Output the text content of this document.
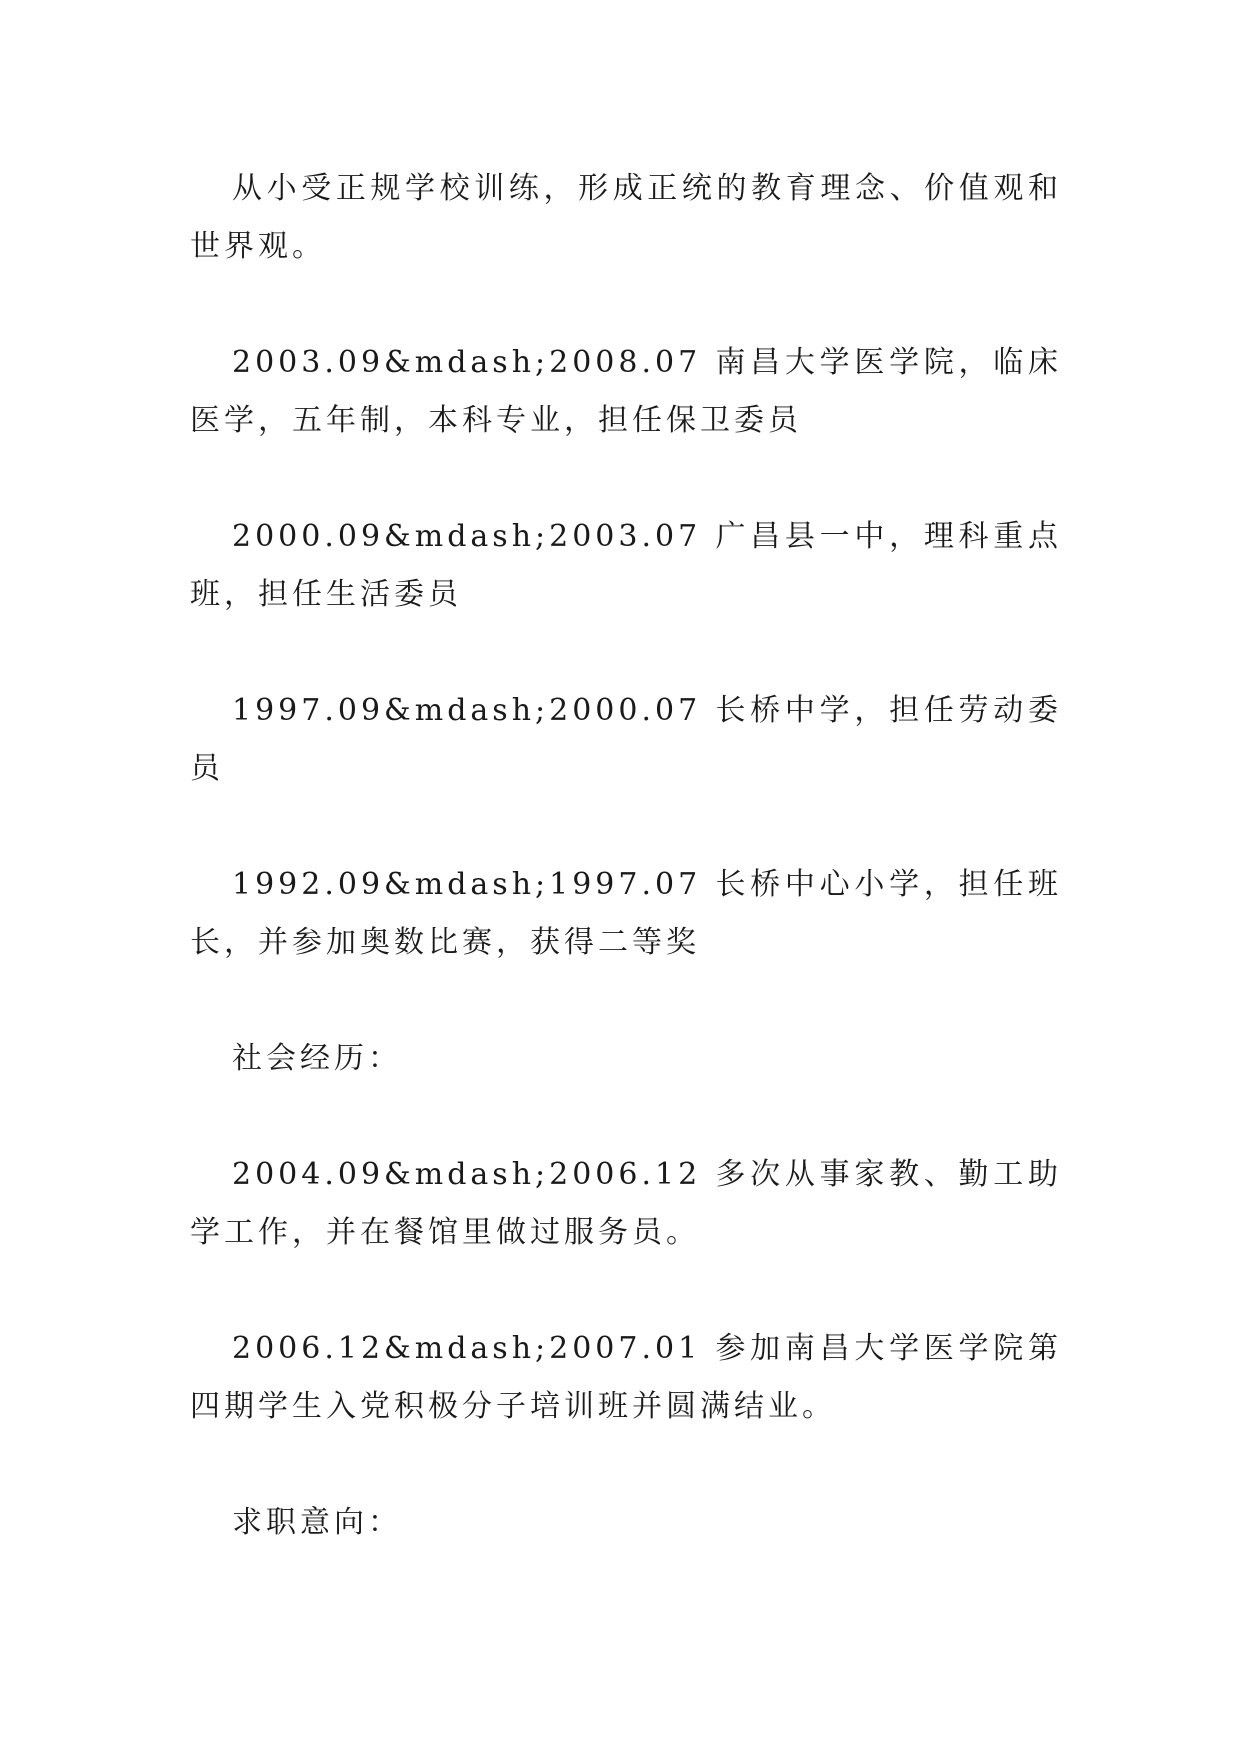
从小受正规学校训练，形成正统的教育理念、价值观和世界观。

2003.09&mdash;2008.07 南昌大学医学院，临床医学，五年制，本科专业，担任保卫委员

2000.09&mdash;2003.07 广昌县一中，理科重点班，担任生活委员

1997.09&mdash;2000.07 长桥中学，担任劳动委员

1992.09&mdash;1997.07 长桥中心小学，担任班长，并参加奥数比赛，获得二等奖

社会经历：

2004.09&mdash;2006.12 多次从事家教、勤工助学工作，并在餐馆里做过服务员。

2006.12&mdash;2007.01 参加南昌大学医学院第四期学生入党积极分子培训班并圆满结业。

求职意向：
